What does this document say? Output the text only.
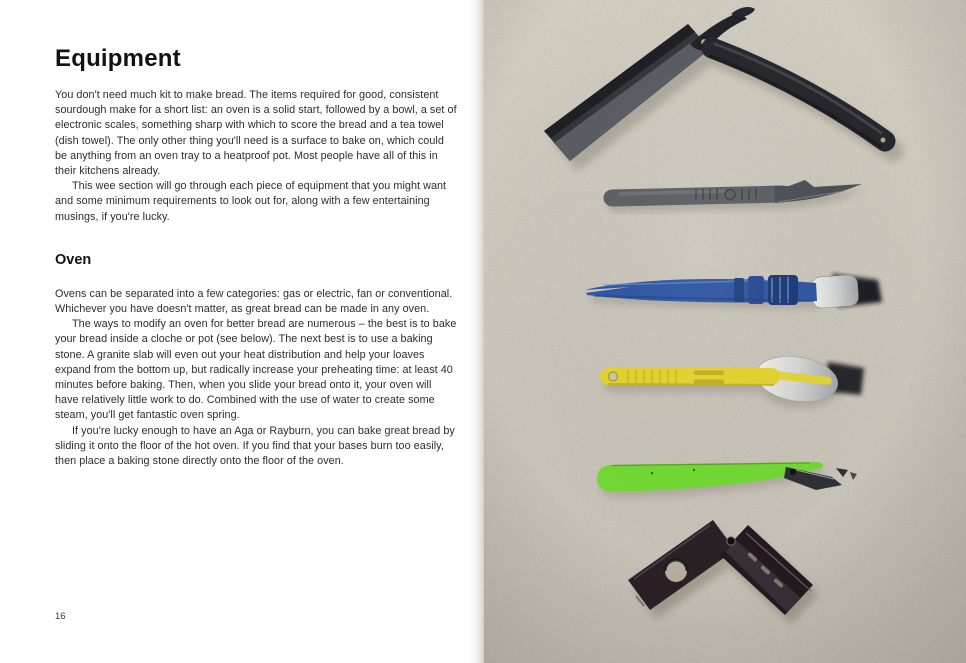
Equipment

You don't need much kit to make bread. The items required for good, consistent sourdough make for a short list: an oven is a solid start, followed by a bowl, a set of electronic scales, something sharp with which to score the bread and a tea towel (dish towel). The only other thing you'll need is a surface to bake on, which could be anything from an oven tray to a heatproof pot. Most people have all of this in their kitchens already.

This wee section will go through each piece of equipment that you might want and some minimum requirements to look out for, along with a few entertaining musings, if you're lucky.

Oven

Ovens can be separated into a few categories: gas or electric, fan or conventional. Whichever you have doesn't matter, as great bread can be made in any oven.

The ways to modify an oven for better bread are numerous – the best is to bake your bread inside a cloche or pot (see below). The next best is to use a baking stone. A granite slab will even out your heat distribution and help your loaves expand from the bottom up, but radically increase your preheating time: at least 40 minutes before baking. Then, when you slide your bread onto it, your oven will have relatively little work to do. Combined with the use of water to create some steam, you'll get fantastic oven spring.

If you're lucky enough to have an Aga or Rayburn, you can bake great bread by sliding it onto the floor of the hot oven. If you find that your bases burn too easily, then place a baking stone directly onto the floor of the oven.

16
